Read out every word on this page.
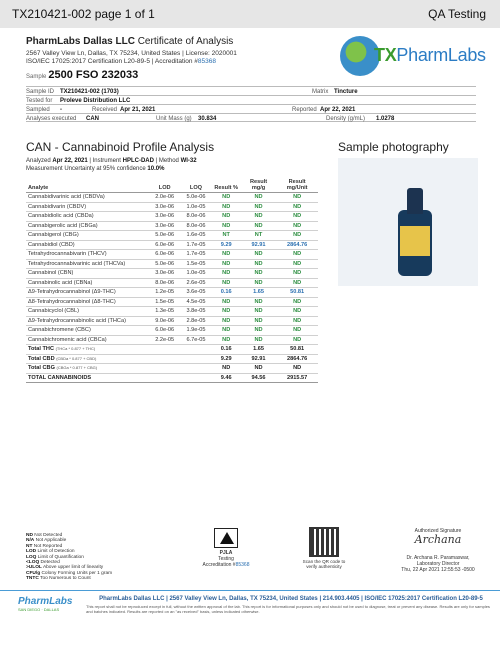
TX210421-002 page 1 of 1	QA Testing
PharmLabs Dallas LLC Certificate of Analysis
2567 Valley View Ln, Dallas, TX 75234, United States | License: 2020001
ISO/IEC 17025:2017 Certification L20-89-5 | Accreditation #85368	TXPharmLabs
Sample 2500 FSO 232033
Sample ID TX210421-002 (1703)	Matrix Tincture
Tested for Proleve Distribution LLC
Sampled -	Received Apr 21, 2021	Reported Apr 22, 2021
Analyses executed CAN	Unit Mass (g) 30.834	Density (g/mL) 1.0278
CAN - Cannabinoid Profile Analysis	Sample photography
Analyzed Apr 22, 2021 | Instrument HPLC-DAD | Method WI-32
Measurement Uncertainty at 95% confidence 10.0%
Analyte	LOD	LOQ	Result %	Result mg/g	Result mg/Unit
Cannabidivarinic acid (CBDVa)	2.0e-06	5.0e-06	ND	ND	ND
Cannabidivarin (CBDV)	3.0e-06	1.0e-05	ND	ND	ND
Cannabidiolic acid (CBDa)	3.0e-06	8.0e-06	ND	ND	ND
Cannabigerolic acid (CBGa)	3.0e-06	8.0e-06	ND	ND	ND
Cannabigerol (CBG)	5.0e-06	1.6e-05	NT	NT	ND
Cannabidiol (CBD)	6.0e-06	1.7e-05	9.29	92.91	2864.76
Tetrahydrocannabivarin (THCV)	6.0e-06	1.7e-05	ND	ND	ND
Tetrahydrocannabivarinic acid (THCVa)	5.0e-06	1.5e-05	ND	ND	ND
Cannabinol (CBN)	3.0e-06	1.0e-05	ND	ND	ND
Cannabinolic acid (CBNa)	8.0e-06	2.6e-05	ND	ND	ND
Δ9-Tetrahydrocannabinol (Δ9-THC)	1.2e-05	3.6e-05	0.16	1.65	50.81
Δ8-Tetrahydrocannabinol (Δ8-THC)	1.5e-05	4.5e-05	ND	ND	ND
Cannabicyclol (CBL)	1.3e-05	3.8e-05	ND	ND	ND
Δ9-Tetrahydrocannabinolic acid (THCa)	9.0e-06	2.8e-05	ND	ND	ND
Cannabichromene (CBC)	6.0e-06	1.9e-05	ND	ND	ND
Cannabichromenic acid (CBCa)	2.2e-05	6.7e-05	ND	ND	ND
Total THC (THCa * 0.877 + THC)			0.16	1.65	50.81
Total CBD (CBDa * 0.877 + CBD)			9.29	92.91	2864.76
Total CBG (CBGa * 0.877 + CBG)			ND	ND	ND
TOTAL CANNABINOIDS			9.46	94.56	2915.57
ND Not Detected
N/A Not Applicable
NT Not Reported
LOD Limit of Detection
LOQ Limit of Quantification
<LOQ Detected
>ULOL Above upper limit of linearity
CFU/g Colony Forming Units per 1 gram
TNTC Too Numerous to Count
PJLA
Testing
Accreditation #85368
Scan the QR code to
verify authenticity
Authorized Signature
Archana
Dr. Archana R. Paramaswar,
Laboratory Director
Thu, 22 Apr 2021 12:55:53 -0500
PharmLabs
SAN DIEGO · DALLAS
PharmLabs Dallas LLC | 2567 Valley View Ln, Dallas, TX 75234, United States | 214.903.4405 | ISO/IEC 17025:2017 Certification L20-89-5
This report shall not be reproduced except in full, without the written approval of the lab. This report is for informational purposes only and should not be used to diagnose, treat or prevent any disease. Results are only for samples and batches indicated. Results are reported on an "as received" basis, unless indicated otherwise.
